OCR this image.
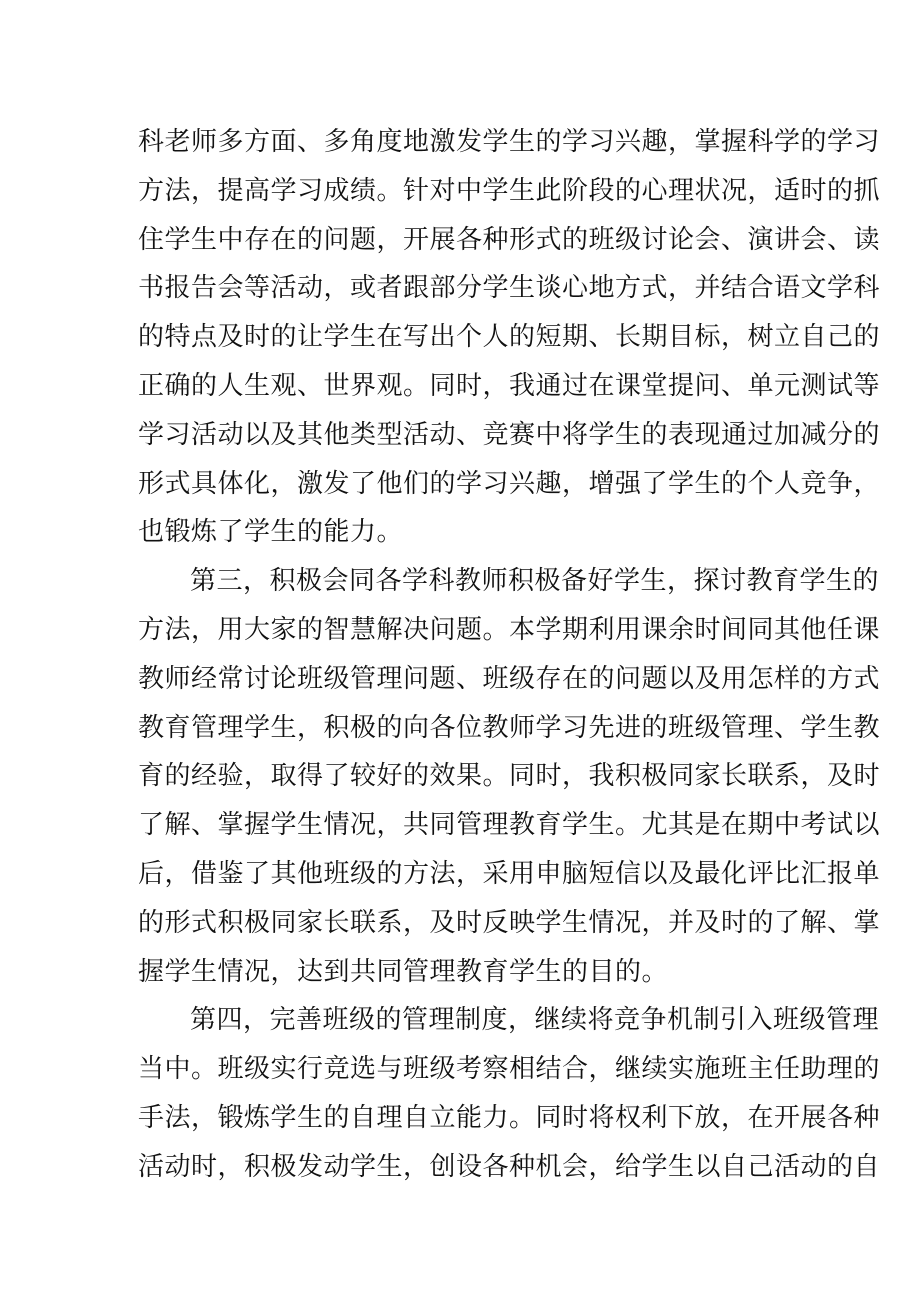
科老师多方面、多角度地激发学生的学习兴趣，掌握科学的学习
方法，提高学习成绩。针对中学生此阶段的心理状况，适时的抓
住学生中存在的问题，开展各种形式的班级讨论会、演讲会、读
书报告会等活动，或者跟部分学生谈心地方式，并结合语文学科
的特点及时的让学生在写出个人的短期、长期目标，树立自己的
正确的人生观、世界观。同时，我通过在课堂提问、单元测试等
学习活动以及其他类型活动、竞赛中将学生的表现通过加减分的
形式具体化，激发了他们的学习兴趣，增强了学生的个人竞争，
也锻炼了学生的能力。
第三，积极会同各学科教师积极备好学生，探讨教育学生的
方法，用大家的智慧解决问题。本学期利用课余时间同其他任课
教师经常讨论班级管理问题、班级存在的问题以及用怎样的方式
教育管理学生，积极的向各位教师学习先进的班级管理、学生教
育的经验，取得了较好的效果。同时，我积极同家长联系，及时
了解、掌握学生情况，共同管理教育学生。尤其是在期中考试以
后，借鉴了其他班级的方法，采用申脑短信以及最化评比汇报单
的形式积极同家长联系，及时反映学生情况，并及时的了解、掌
握学生情况，达到共同管理教育学生的目的。
第四，完善班级的管理制度，继续将竞争机制引入班级管理
当中。班级实行竞选与班级考察相结合，继续实施班主任助理的
手法，锻炼学生的自理自立能力。同时将权利下放，在开展各种
活动时，积极发动学生，创设各种机会，给学生以自己活动的自
